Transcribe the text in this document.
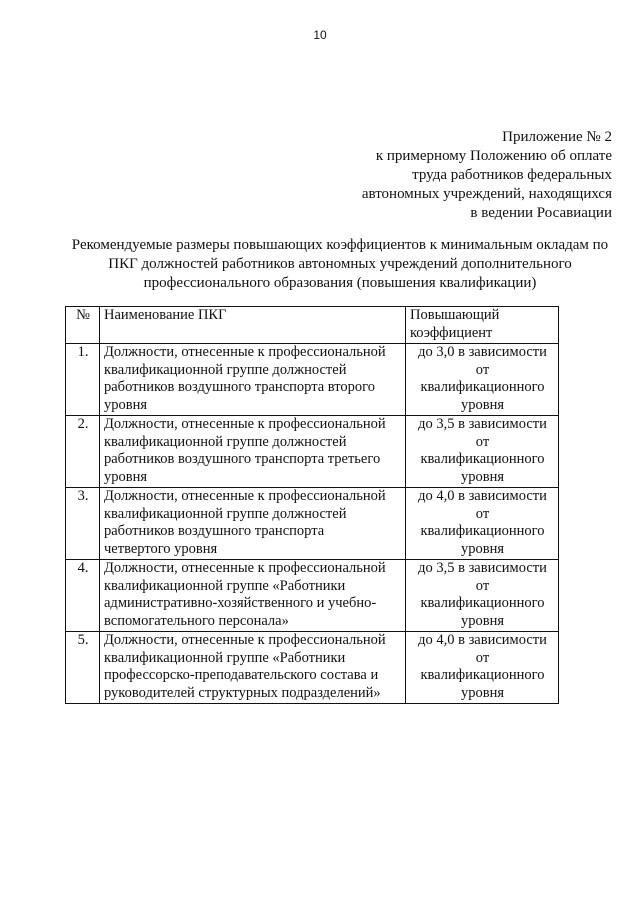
10
Приложение № 2
к примерному Положению об оплате
труда работников федеральных
автономных учреждений, находящихся
в ведении Росавиации
Рекомендуемые размеры повышающих коэффициентов к минимальным окладам по
ПКГ должностей работников автономных учреждений дополнительного
профессионального образования (повышения квалификации)
№	Наименование ПКГ	Повышающий
коэффициент

1.	Должности, отнесенные к профессиональной
квалификационной группе должностей
работников воздушного транспорта второго
уровня	до 3,0 в зависимости
от
квалификационного
уровня

2.	Должности, отнесенные к профессиональной
квалификационной группе должностей
работников воздушного транспорта третьего
уровня	до 3,5 в зависимости
от
квалификационного
уровня

3.	Должности, отнесенные к профессиональной
квалификационной группе должностей
работников воздушного транспорта
четвертого уровня	до 4,0 в зависимости
от
квалификационного
уровня

4.	Должности, отнесенные к профессиональной
квалификационной группе «Работники
административно-хозяйственного и учебно-
вспомогательного персонала»	до 3,5 в зависимости
от
квалификационного
уровня

5.	Должности, отнесенные к профессиональной
квалификационной группе «Работники
профессорско-преподавательского состава и
руководителей структурных подразделений»	до 4,0 в зависимости
от
квалификационного
уровня
